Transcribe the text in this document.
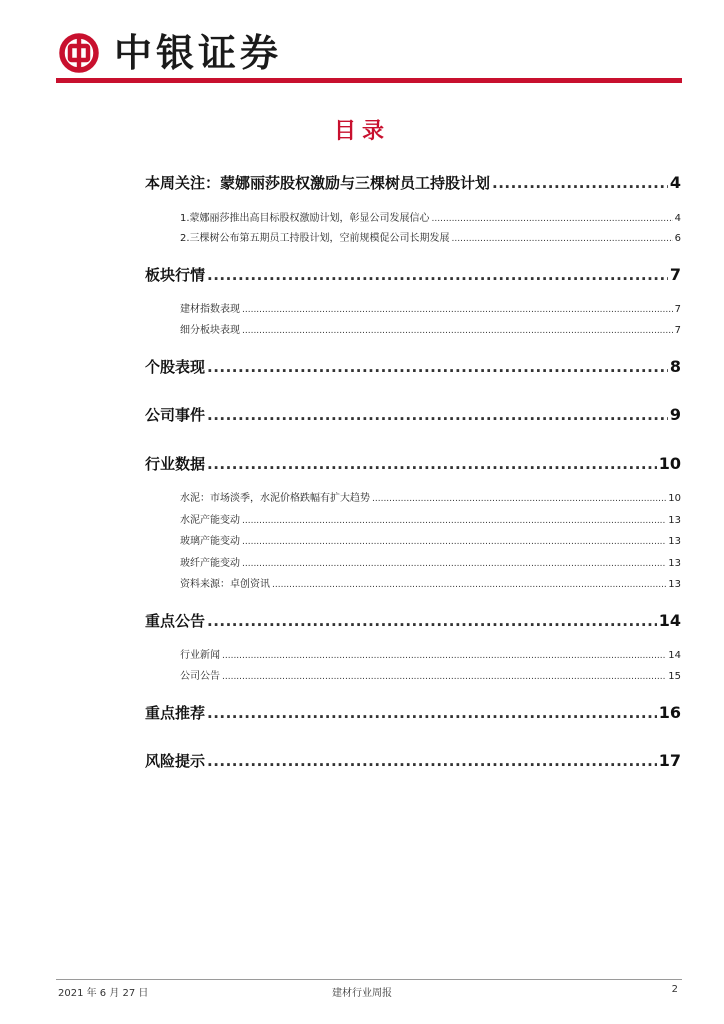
中银证券
目录
本周关注：蒙娜丽莎股权激励与三棵树员工持股计划 .....	4
1.蒙娜丽莎推出高目标股权激励计划，彰显公司发展信心 .....	4
2.三棵树公布第五期员工持股计划，空前规模促公司长期发展 .....	6
板块行情 .....	7
建材指数表现 .....	7
细分板块表现 .....	7
个股表现 .....	8
公司事件 .....	9
行业数据 .....	10
水泥：市场淡季，水泥价格跌幅有扩大趋势 .....	10
水泥产能变动 .....	13
玻璃产能变动 .....	13
玻纤产能变动 .....	13
资料来源：卓创资讯 .....	13
重点公告 .....	14
行业新闻 .....	14
公司公告 .....	15
重点推荐 .....	16
风险提示 .....	17
2021 年 6 月 27 日	建材行业周报	2
